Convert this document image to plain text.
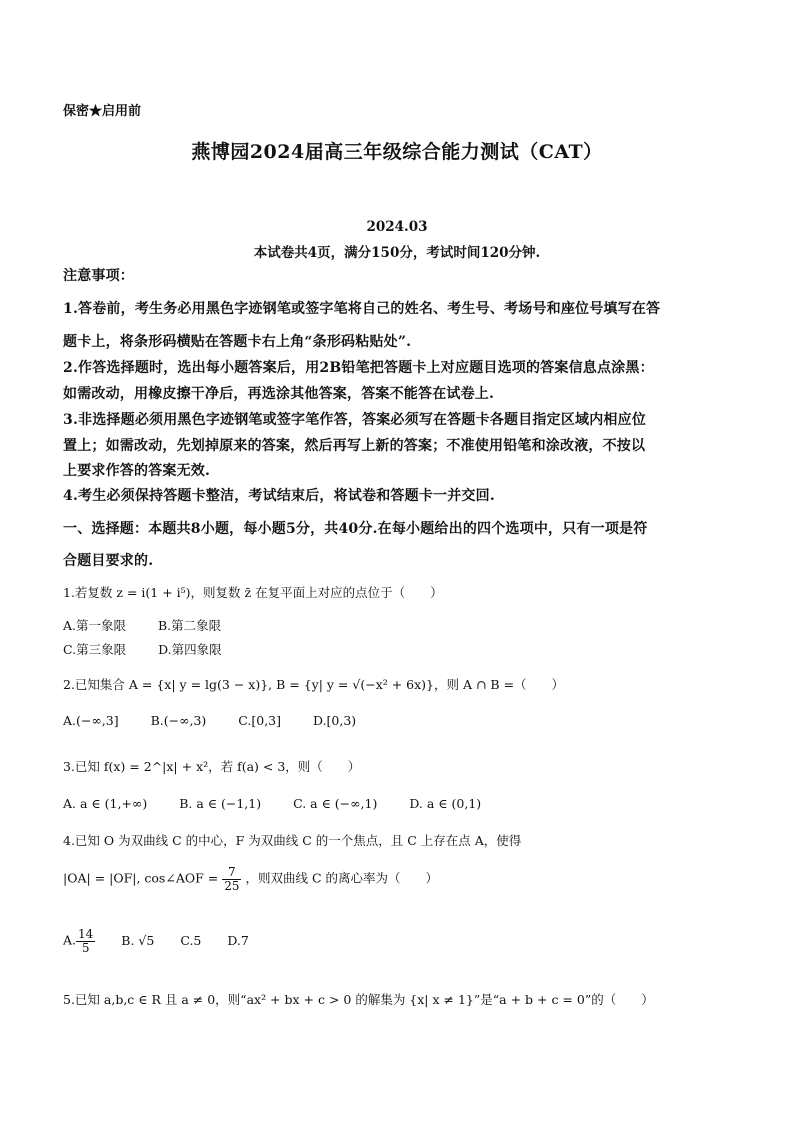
保密★启用前
燕博园2024届高三年级综合能力测试（CAT）
2024.03
本试卷共4页，满分150分，考试时间120分钟.
注意事项：
1.答卷前，考生务必用黑色字迹钢笔或签字笔将自己的姓名、考生号、考场号和座位号填写在答
题卡上，将条形码横贴在答题卡右上角“条形码粘贴处”.
2.作答选择题时，选出每小题答案后，用2B铅笔把答题卡上对应题目选项的答案信息点涂黑：
如需改动，用橡皮擦干净后，再选涂其他答案，答案不能答在试卷上.
3.非选择题必须用黑色字迹钢笔或签字笔作答，答案必须写在答题卡各题目指定区域内相应位
置上；如需改动，先划掉原来的答案，然后再写上新的答案；不准使用铅笔和涂改液，不按以
上要求作答的答案无效.
4.考生必须保持答题卡整洁，考试结束后，将试卷和答题卡一并交回.
一、选择题：本题共8小题，每小题5分，共40分.在每小题给出的四个选项中，只有一项是符
合题目要求的.
1.若复数 z = i(1 + i⁵)，则复数 z̄ 在复平面上对应的点位于（　　）
A.第一象限	B.第二象限
C.第三象限	D.第四象限
2.已知集合 A = {x| y = lg(3 − x)}, B = {y| y = √(−x² + 6x)}，则 A ∩ B =（　　）
A.(−∞,3]	B.(−∞,3)	C.[0,3]	D.[0,3)
3.已知 f(x) = 2^|x| + x²，若 f(a) < 3，则（　　）
A. a ∈ (1,+∞)	B. a ∈ (−1,1)	C. a ∈ (−∞,1)	D. a ∈ (0,1)
4.已知 O 为双曲线 C 的中心，F 为双曲线 C 的一个焦点，且 C 上存在点 A，使得
|OA| = |OF|, cos∠AOF = $\frac{7}{25}$ ，则双曲线 C 的离心率为（　　）
A. $\frac{14}{5} B$. √5 C.5 D.7
5.已知 a,b,c ∈ R 且 a ≠ 0，则“ax² + bx + c > 0 的解集为 {x| x ≠ 1}”是“a + b + c = 0”的（　　）
